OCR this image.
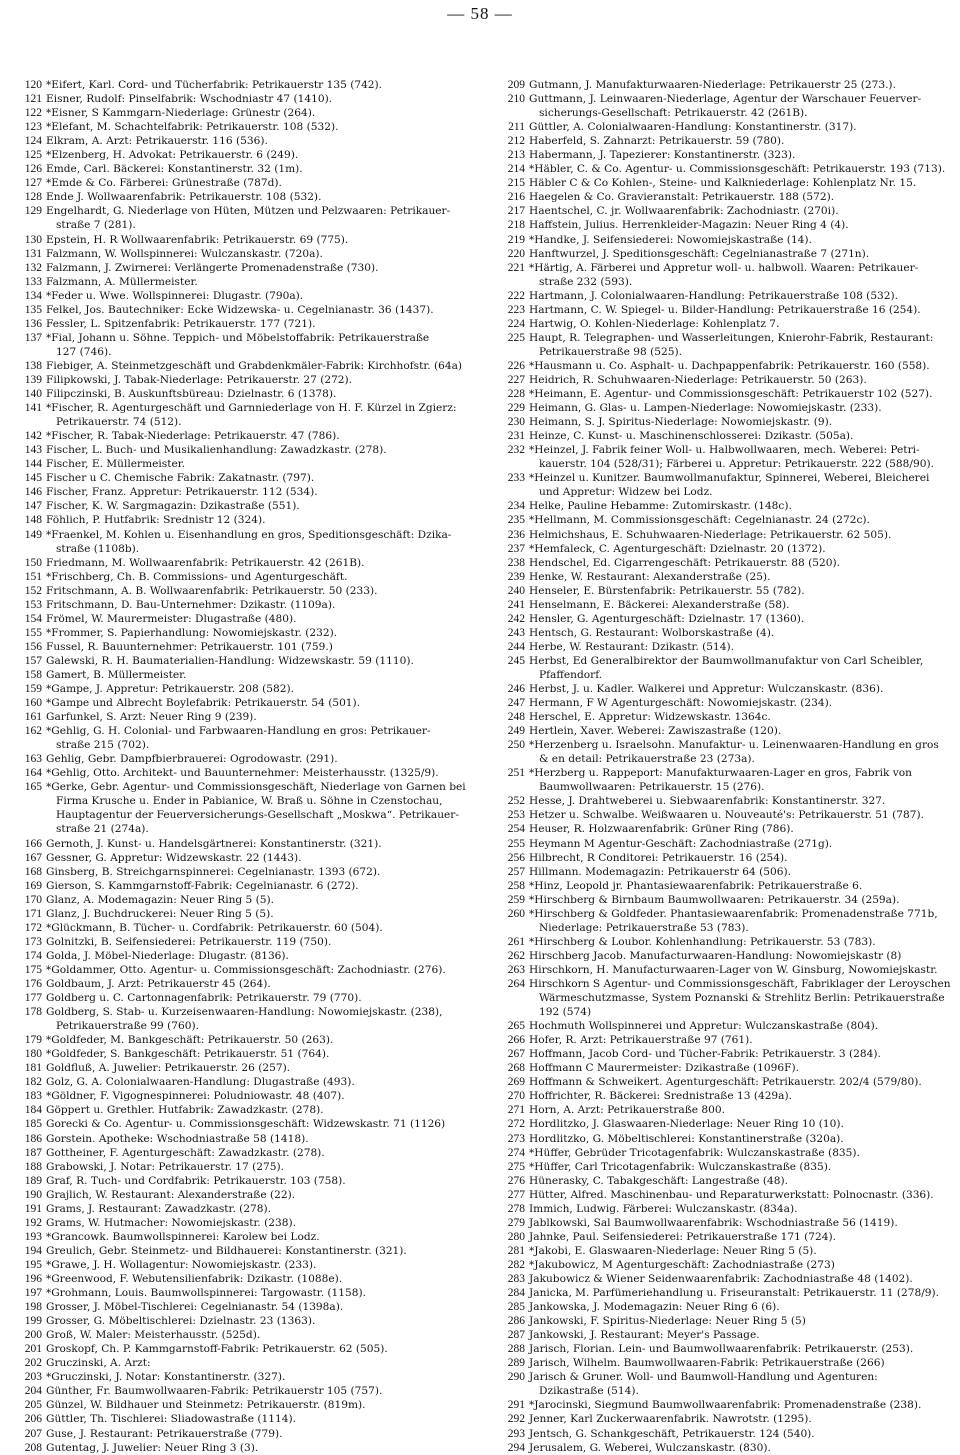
— 58 —
120 *Eifert, Karl. Cord- und Tücherfabrik: Petrikauerstr 135 (742).
121 Eisner, Rudolf: Pinselfabrik: Wschodniastr 47 (1410).
122 *Eisner, S Kammgarn-Niederlage: Grünestr (264).
123 *Elefant, M. Schachtelfabrik: Petrikauerstr. 108 (532).
124 Elkram, A. Arzt: Petrikauerstr. 116 (536).
125 *Elzenberg, H. Advokat: Petrikauerstr. 6 (249).
126 Emde, Carl. Bäckerei: Konstantinerstr. 32 (1m).
127 *Emde & Co. Färberei: Grünestraße (787d).
128 Ende J. Wollwaarenfabrik: Petrikauerstr. 108 (532).
129 Engelhardt, G. Niederlage von Hüten, Mützen und Pelzwaaren: Petrikauer-
straße 7 (281).
130 Epstein, H. R Wollwaarenfabrik: Petrikauerstr. 69 (775).
131 Falzmann, W. Wollspinnerei: Wulczanskastr. (720a).
132 Falzmann, J. Zwirnerei: Verlängerte Promenadenstraße (730).
133 Falzmann, A. Müllermeister.
134 *Feder u. Wwe. Wollspinnerei: Dlugastr. (790a).
135 Felkel, Jos. Bautechniker: Ecke Widzewska- u. Cegelnianastr. 36 (1437).
136 Fessler, L. Spitzenfabrik: Petrikauerstr. 177 (721).
137 *Fial, Johann u. Söhne. Teppich- und Möbelstoffabrik: Petrikauerstraße
127 (746).
138 Fiebiger, A. Steinmetzgeschäft und Grabdenkmäler-Fabrik: Kirchhofstr. (64a)
139 Filipkowski, J. Tabak-Niederlage: Petrikauerstr. 27 (272).
140 Filipczinski, B. Auskunftsbüreau: Dzielnastr. 6 (1378).
141 *Fischer, R. Agenturgeschäft und Garnniederlage von H. F. Kürzel in Zgierz:
Petrikauerstr. 74 (512).
142 *Fischer, R. Tabak-Niederlage: Petrikauerstr. 47 (786).
143 Fischer, L. Buch- und Musikalienhandlung: Zawadzkastr. (278).
144 Fischer, E. Müllermeister.
145 Fischer u C. Chemische Fabrik: Zakatnastr. (797).
146 Fischer, Franz. Appretur: Petrikauerstr. 112 (534).
147 Fischer, K. W. Sargmagazin: Dzikastraße (551).
148 Föhlich, P. Hutfabrik: Srednistr 12 (324).
149 *Fraenkel, M. Kohlen u. Eisenhandlung en gros, Speditionsgeschäft: Dzika-
straße (1108b).
150 Friedmann, M. Wollwaarenfabrik: Petrikauerstr. 42 (261B).
151 *Frischberg, Ch. B. Commissions- und Agenturgeschäft.
152 Fritschmann, A. B. Wollwaarenfabrik: Petrikauerstr. 50 (233).
153 Fritschmann, D. Bau-Unternehmer: Dzikastr. (1109a).
154 Frömel, W. Maurermeister: Dlugastraße (480).
155 *Frommer, S. Papierhandlung: Nowomiejskastr. (232).
156 Fussel, R. Bauunternehmer: Petrikauerstr. 101 (759.)
157 Galewski, R. H. Baumaterialien-Handlung: Widzewskastr. 59 (1110).
158 Gamert, B. Müllermeister.
159 *Gampe, J. Appretur: Petrikauerstr. 208 (582).
160 *Gampe und Albrecht Boylefabrik: Petrikauerstr. 54 (501).
161 Garfunkel, S. Arzt: Neuer Ring 9 (239).
162 *Gehlig, G. H. Colonial- und Farbwaaren-Handlung en gros: Petrikauer-
straße 215 (702).
163 Gehlig, Gebr. Dampfbierbrauerei: Ogrodowastr. (291).
164 *Gehlig, Otto. Architekt- und Bauunternehmer: Meisterhausstr. (1325/9).
165 *Gerke, Gebr. Agentur- und Commissionsgeschäft, Niederlage von Garnen bei
Firma Krusche u. Ender in Pabianice, W. Braß u. Söhne in Czenstochau,
Hauptagentur der Feuerversicherungs-Gesellschaft „Moskwa“. Petrikauer-
straße 21 (274a).
166 Gernoth, J. Kunst- u. Handelsgärtnerei: Konstantinerstr. (321).
167 Gessner, G. Appretur: Widzewskastr. 22 (1443).
168 Ginsberg, B. Streichgarnspinnerei: Cegelnianastr. 1393 (672).
169 Gierson, S. Kammgarnstoff-Fabrik: Cegelnianastr. 6 (272).
170 Glanz, A. Modemagazin: Neuer Ring 5 (5).
171 Glanz, J. Buchdruckerei: Neuer Ring 5 (5).
172 *Glückmann, B. Tücher- u. Cordfabrik: Petrikauerstr. 60 (504).
173 Golnitzki, B. Seifensiederei: Petrikauerstr. 119 (750).
174 Golda, J. Möbel-Niederlage: Dlugastr. (8136).
175 *Goldammer, Otto. Agentur- u. Commissionsgeschäft: Zachodniastr. (276).
176 Goldbaum, J. Arzt: Petrikauerstr 45 (264).
177 Goldberg u. C. Cartonnagenfabrik: Petrikauerstr. 79 (770).
178 Goldberg, S. Stab- u. Kurzeisenwaaren-Handlung: Nowomiejskastr. (238),
Petrikauerstraße 99 (760).
179 *Goldfeder, M. Bankgeschäft: Petrikauerstr. 50 (263).
180 *Goldfeder, S. Bankgeschäft: Petrikauerstr. 51 (764).
181 Goldfluß, A. Juwelier: Petrikauerstr. 26 (257).
182 Golz, G. A. Colonialwaaren-Handlung: Dlugastraße (493).
183 *Göldner, F. Vigognespinnerei: Poludniowastr. 48 (407).
184 Göppert u. Grethler. Hutfabrik: Zawadzkastr. (278).
185 Gorecki & Co. Agentur- u. Commissionsgeschäft: Widzewskastr. 71 (1126)
186 Gorstein. Apotheke: Wschodniastraße 58 (1418).
187 Gottheiner, F. Agenturgeschäft: Zawadzkastr. (278).
188 Grabowski, J. Notar: Petrikauerstr. 17 (275).
189 Graf, R. Tuch- und Cordfabrik: Petrikauerstr. 103 (758).
190 Grajlich, W. Restaurant: Alexanderstraße (22).
191 Grams, J. Restaurant: Zawadzkastr. (278).
192 Grams, W. Hutmacher: Nowomiejskastr. (238).
193 *Grancowk. Baumwollspinnerei: Karolew bei Lodz.
194 Greulich, Gebr. Steinmetz- und Bildhauerei: Konstantinerstr. (321).
195 *Grawe, J. H. Wollagentur: Nowomiejskastr. (233).
196 *Greenwood, F. Webutensilienfabrik: Dzikastr. (1088e).
197 *Grohmann, Louis. Baumwollspinnerei: Targowastr. (1158).
198 Grosser, J. Möbel-Tischlerei: Cegelnianastr. 54 (1398a).
199 Grosser, G. Möbeltischlerei: Dzielnastr. 23 (1363).
200 Groß, W. Maler: Meisterhausstr. (525d).
201 Groskopf, Ch. P. Kammgarnstoff-Fabrik: Petrikauerstr. 62 (505).
202 Gruczinski, A. Arzt:
203 *Gruczinski, J. Notar: Konstantinerstr. (327).
204 Günther, Fr. Baumwollwaaren-Fabrik: Petrikauerstr 105 (757).
205 Günzel, W. Bildhauer und Steinmetz: Petrikauerstr. (819m).
206 Güttler, Th. Tischlerei: Sliadowastraße (1114).
207 Guse, J. Restaurant: Petrikauerstraße (779).
208 Gutentag, J. Juwelier: Neuer Ring 3 (3).
209 Gutmann, J. Manufakturwaaren-Niederlage: Petrikauerstr 25 (273.).
210 Guttmann, J. Leinwaaren-Niederlage, Agentur der Warschauer Feuerver-
sicherungs-Gesellschaft: Petrikauerstr. 42 (261B).
211 Güttler, A. Colonialwaaren-Handlung: Konstantinerstr. (317).
212 Haberfeld, S. Zahnarzt: Petrikauerstr. 59 (780).
213 Habermann, J. Tapezierer: Konstantinerstr. (323).
214 *Häbler, C. & Co. Agentur- u. Commissionsgeschäft: Petrikauerstr. 193 (713).
215 Häbler C & Co Kohlen-, Steine- und Kalkniederlage: Kohlenplatz Nr. 15.
216 Haegelen & Co. Gravieranstalt: Petrikauerstr. 188 (572).
217 Haentschel, C. jr. Wollwaarenfabrik: Zachodniastr. (270i).
218 Haffstein, Julius. Herrenkleider-Magazin: Neuer Ring 4 (4).
219 *Handke, J. Seifensiederei: Nowomiejskastraße (14).
220 Hanftwurzel, J. Speditionsgeschäft: Cegelnianastraße 7 (271n).
221 *Härtig, A. Färberei und Appretur woll- u. halbwoll. Waaren: Petrikauer-
straße 232 (593).
222 Hartmann, J. Colonialwaaren-Handlung: Petrikauerstraße 108 (532).
223 Hartmann, C. W. Spiegel- u. Bilder-Handlung: Petrikauerstraße 16 (254).
224 Hartwig, O. Kohlen-Niederlage: Kohlenplatz 7.
225 Haupt, R. Telegraphen- und Wasserleitungen, Knierohr-Fabrik, Restaurant:
Petrikauerstraße 98 (525).
226 *Hausmann u. Co. Asphalt- u. Dachpappenfabrik: Petrikauerstr. 160 (558).
227 Heidrich, R. Schuhwaaren-Niederlage: Petrikauerstr. 50 (263).
228 *Heimann, E. Agentur- und Commissionsgeschäft: Petrikauerstr 102 (527).
229 Heimann, G. Glas- u. Lampen-Niederlage: Nowomiejskastr. (233).
230 Heimann, S. J. Spiritus-Niederlage: Nowomiejskastr. (9).
231 Heinze, C. Kunst- u. Maschinenschlosserei: Dzikastr. (505a).
232 *Heinzel, J. Fabrik feiner Woll- u. Halbwollwaaren, mech. Weberei: Petri-
kauerstr. 104 (528/31); Färberei u. Appretur: Petrikauerstr. 222 (588/90).
233 *Heinzel u. Kunitzer. Baumwollmanufaktur, Spinnerei, Weberei, Bleicherei
und Appretur: Widzew bei Lodz.
234 Helke, Pauline Hebamme: Zutomirskastr. (148c).
235 *Hellmann, M. Commissionsgeschäft: Cegelnianastr. 24 (272c).
236 Helmichshaus, E. Schuhwaaren-Niederlage: Petrikauerstr. 62 505).
237 *Hemfaleck, C. Agenturgeschäft: Dzielnastr. 20 (1372).
238 Hendschel, Ed. Cigarrengeschäft: Petrikauerstr. 88 (520).
239 Henke, W. Restaurant: Alexanderstraße (25).
240 Henseler, E. Bürstenfabrik: Petrikauerstr. 55 (782).
241 Henselmann, E. Bäckerei: Alexanderstraße (58).
242 Hensler, G. Agenturgeschäft: Dzielnastr. 17 (1360).
243 Hentsch, G. Restaurant: Wolborskastraße (4).
244 Herbe, W. Restaurant: Dzikastr. (514).
245 Herbst, Ed Generalbirektor der Baumwollmanufaktur von Carl Scheibler,
Pfaffendorf.
246 Herbst, J. u. Kadler. Walkerei und Appretur: Wulczanskastr. (836).
247 Hermann, F W Agenturgeschäft: Nowomiejskastr. (234).
248 Herschel, E. Appretur: Widzewskastr. 1364c.
249 Hertlein, Xaver. Weberei: Zawiszastraße (120).
250 *Herzenberg u. Israelsohn. Manufaktur- u. Leinenwaaren-Handlung en gros
& en detail: Petrikauerstraße 23 (273a).
251 *Herzberg u. Rappeport: Manufakturwaaren-Lager en gros, Fabrik von
Baumwollwaaren: Petrikauerstr. 15 (276).
252 Hesse, J. Drahtweberei u. Siebwaarenfabrik: Konstantinerstr. 327.
253 Hetzer u. Schwalbe. Weißwaaren u. Nouveauté's: Petrikauerstr. 51 (787).
254 Heuser, R. Holzwaarenfabrik: Grüner Ring (786).
255 Heymann M Agentur-Geschäft: Zachodniastraße (271g).
256 Hilbrecht, R Conditorei: Petrikauerstr. 16 (254).
257 Hillmann. Modemagazin: Petrikauerstr 64 (506).
258 *Hinz, Leopold jr. Phantasiewaarenfabrik: Petrikauerstraße 6.
259 *Hirschberg & Birnbaum Baumwollwaaren: Petrikauerstr. 34 (259a).
260 *Hirschberg & Goldfeder. Phantasiewaarenfabrik: Promenadenstraße 771b,
Niederlage: Petrikauerstraße 53 (783).
261 *Hirschberg & Loubor. Kohlenhandlung: Petrikauerstr. 53 (783).
262 Hirschberg Jacob. Manufacturwaaren-Handlung: Nowomiejskastr (8)
263 Hirschkorn, H. Manufacturwaaren-Lager von W. Ginsburg, Nowomiejskastr.
264 Hirschkorn S Agentur- und Commissionsgeschäft, Fabriklager der Leroyschen
Wärmeschutzmasse, System Poznanski & Strehlitz Berlin: Petrikauerstraße
192 (574)
265 Hochmuth Wollspinnerei und Appretur: Wulczanskastraße (804).
266 Hofer, R. Arzt: Petrikauerstraße 97 (761).
267 Hoffmann, Jacob Cord- und Tücher-Fabrik: Petrikauerstr. 3 (284).
268 Hoffmann C Maurermeister: Dzikastraße (1096F).
269 Hoffmann & Schweikert. Agenturgeschäft: Petrikauerstr. 202/4 (579/80).
270 Hoffrichter, R. Bäckerei: Srednistraße 13 (429a).
271 Horn, A. Arzt: Petrikauerstraße 800.
272 Hordlitzko, J. Glaswaaren-Niederlage: Neuer Ring 10 (10).
273 Hordlitzko, G. Möbeltischlerei: Konstantinerstraße (320a).
274 *Hüffer, Gebrüder Tricotagenfabrik: Wulczanskastraße (835).
275 *Hüffer, Carl Tricotagenfabrik: Wulczanskastraße (835).
276 Hünerasky, C. Tabakgeschäft: Langestraße (48).
277 Hütter, Alfred. Maschinenbau- und Reparaturwerkstatt: Polnocnastr. (336).
278 Immich, Ludwig. Färberei: Wulczanskastr. (834a).
279 Jablkowski, Sal Baumwollwaarenfabrik: Wschodniastraße 56 (1419).
280 Jahnke, Paul. Seifensiederei: Petrikauerstraße 171 (724).
281 *Jakobi, E. Glaswaaren-Niederlage: Neuer Ring 5 (5).
282 *Jakubowicz, M Agenturgeschäft: Zachodniastraße (273)
283 Jakubowicz & Wiener Seidenwaarenfabrik: Zachodniastraße 48 (1402).
284 Janicka, M. Parfümeriehandlung u. Friseuranstalt: Petrikauerstr. 11 (278/9).
285 Jankowska, J. Modemagazin: Neuer Ring 6 (6).
286 Jankowski, F. Spiritus-Niederlage: Neuer Ring 5 (5)
287 Jankowski, J. Restaurant: Meyer's Passage.
288 Jarisch, Florian. Lein- und Baumwollwaarenfabrik: Petrikauerstr. (253).
289 Jarisch, Wilhelm. Baumwollwaaren-Fabrik: Petrikauerstraße (266)
290 Jarisch & Gruner. Woll- und Baumwoll-Handlung und Agenturen:
Dzikastraße (514).
291 *Jarocinski, Siegmund Baumwollwaarenfabrik: Promenadenstraße (238).
292 Jenner, Karl Zuckerwaarenfabrik. Nawrotstr. (1295).
293 Jentsch, G. Schankgeschäft, Petrikauerstr. 124 (540).
294 Jerusalem, G. Weberei, Wulczanskastr. (830).
